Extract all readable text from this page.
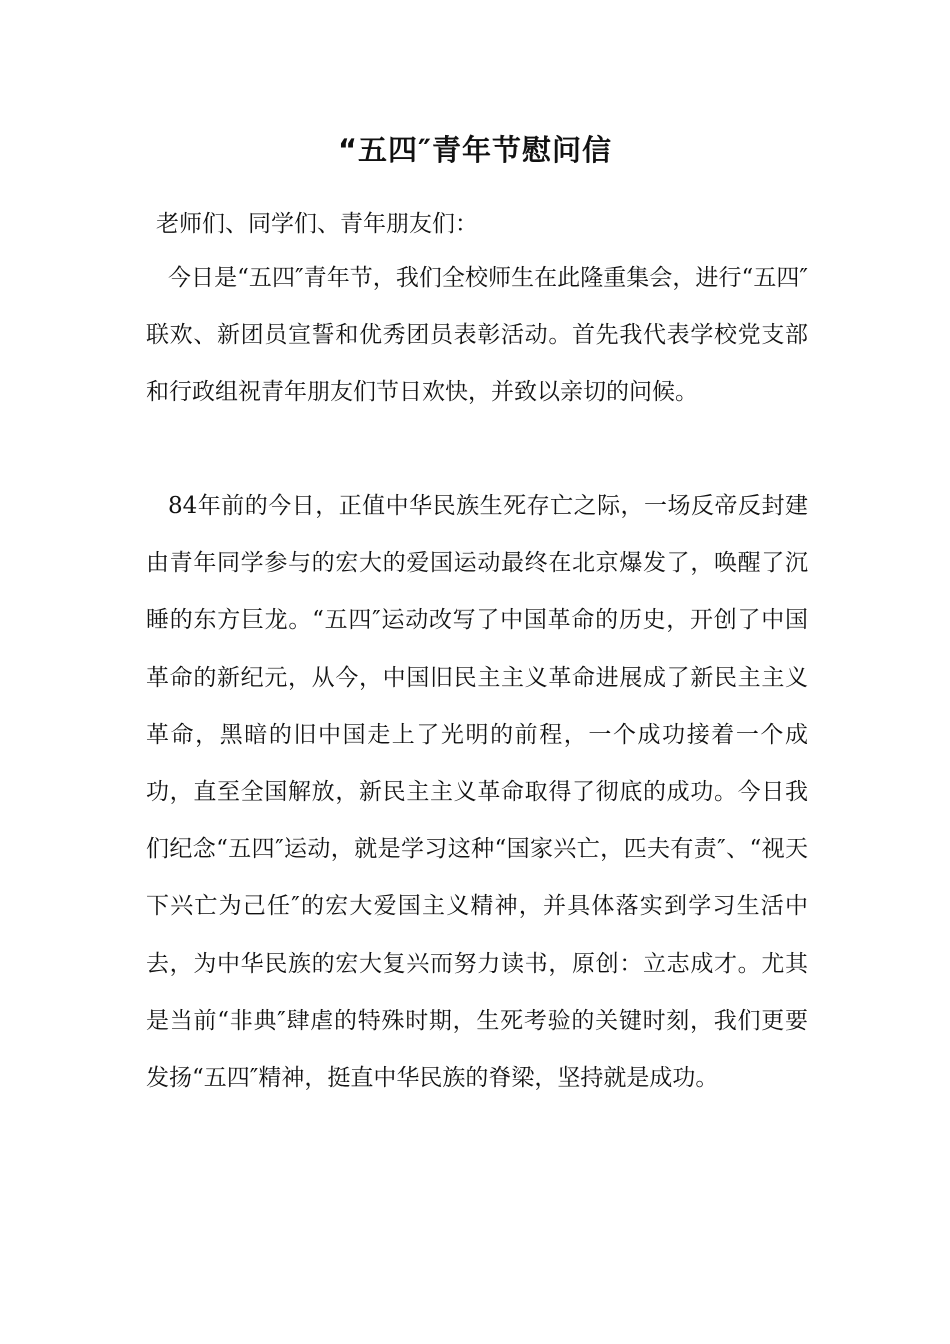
“五四″青年节慰问信
老师们、同学们、青年朋友们：

今日是“五四″青年节，我们全校师生在此隆重集会，进行“五四″联欢、新团员宣誓和优秀团员表彰活动。首先我代表学校党支部和行政组祝青年朋友们节日欢快，并致以亲切的问候。

84年前的今日，正值中华民族生死存亡之际，一场反帝反封建由青年同学参与的宏大的爱国运动最终在北京爆发了，唤醒了沉睡的东方巨龙。“五四″运动改写了中国革命的历史，开创了中国革命的新纪元，从今，中国旧民主主义革命进展成了新民主主义革命，黑暗的旧中国走上了光明的前程，一个成功接着一个成功，直至全国解放，新民主主义革命取得了彻底的成功。今日我们纪念“五四″运动，就是学习这种“国家兴亡，匹夫有责″、“视天下兴亡为己任″的宏大爱国主义精神，并具体落实到学习生活中去，为中华民族的宏大复兴而努力读书，原创：立志成才。尤其是当前“非典″肆虐的特殊时期，生死考验的关键时刻，我们更要发扬“五四″精神，挺直中华民族的脊梁，坚持就是成功。
